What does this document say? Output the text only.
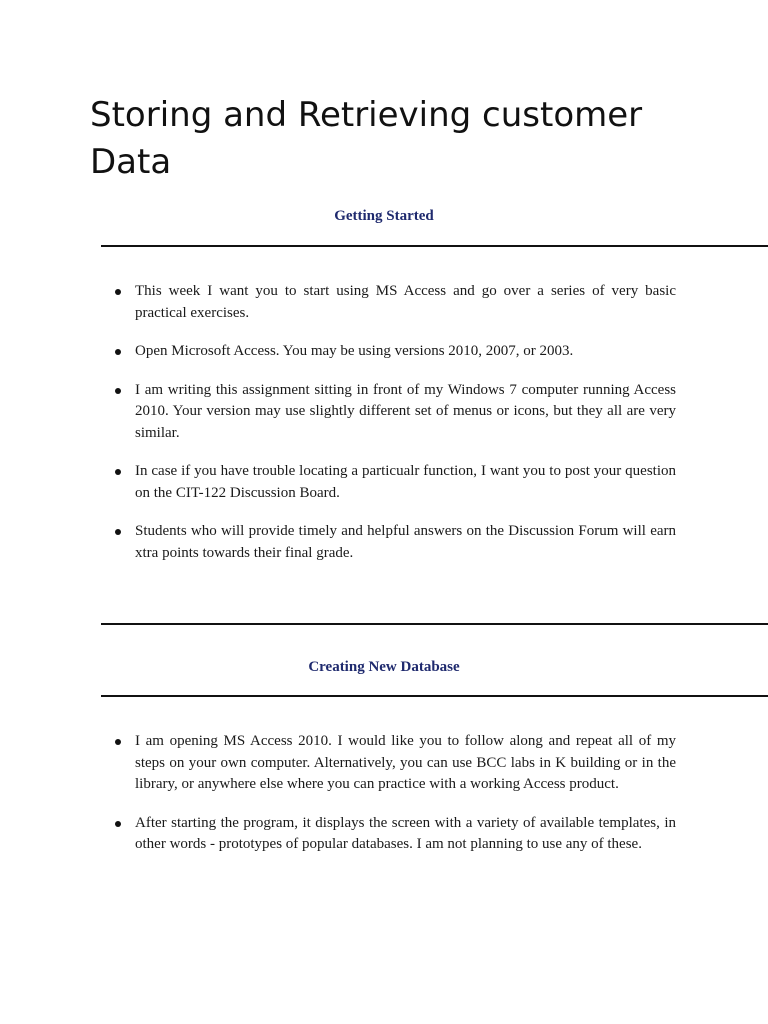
Storing and Retrieving customer Data
Getting Started
This week I want you to start using MS Access and go over a series of very basic practical exercises.
Open Microsoft Access. You may be using versions 2010, 2007, or 2003.
I am writing this assignment sitting in front of my Windows 7 computer running Access 2010. Your version may use slightly different set of menus or icons, but they all are very similar.
In case if you have trouble locating a particualr function, I want you to post your question on the CIT-122 Discussion Board.
Students who will provide timely and helpful answers on the Discussion Forum will earn xtra points towards their final grade.
Creating New Database
I am opening MS Access 2010. I would like you to follow along and repeat all of my steps on your own computer. Alternatively, you can use BCC labs in K building or in the library, or anywhere else where you can practice with a working Access product.
After starting the program, it displays the screen with a variety of available templates, in other words - prototypes of popular databases. I am not planning to use any of these.
